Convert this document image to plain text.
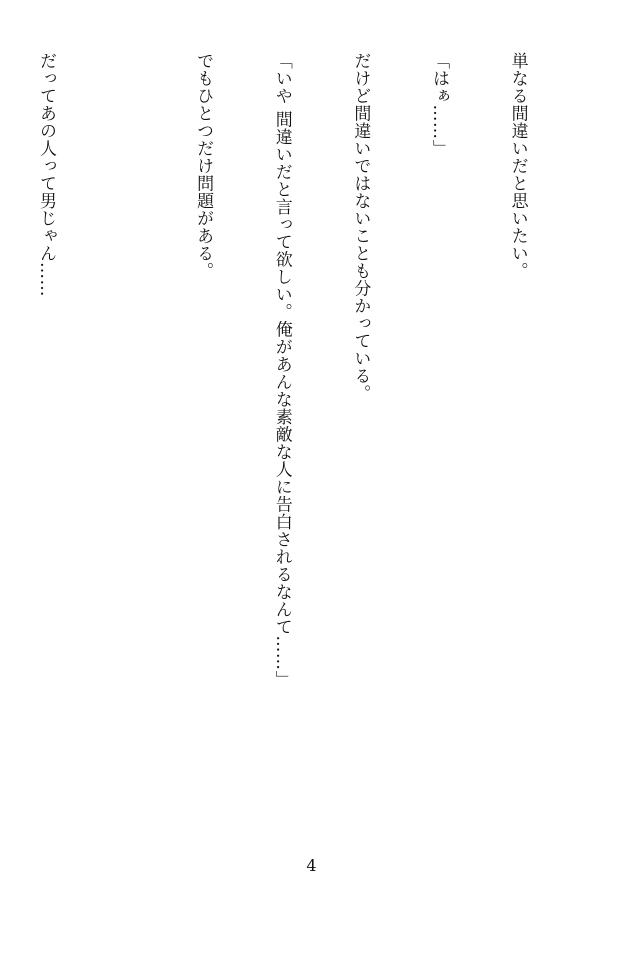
単なる間違いだと思いたい。

「はぁ……」

だけど間違いではないことも分かっている。

「いや 間違いだと言って欲しい。俺があんな素敵な人に告白されるなんて……」

でもひとつだけ問題がある。

だってあの人って男じゃん……

4
